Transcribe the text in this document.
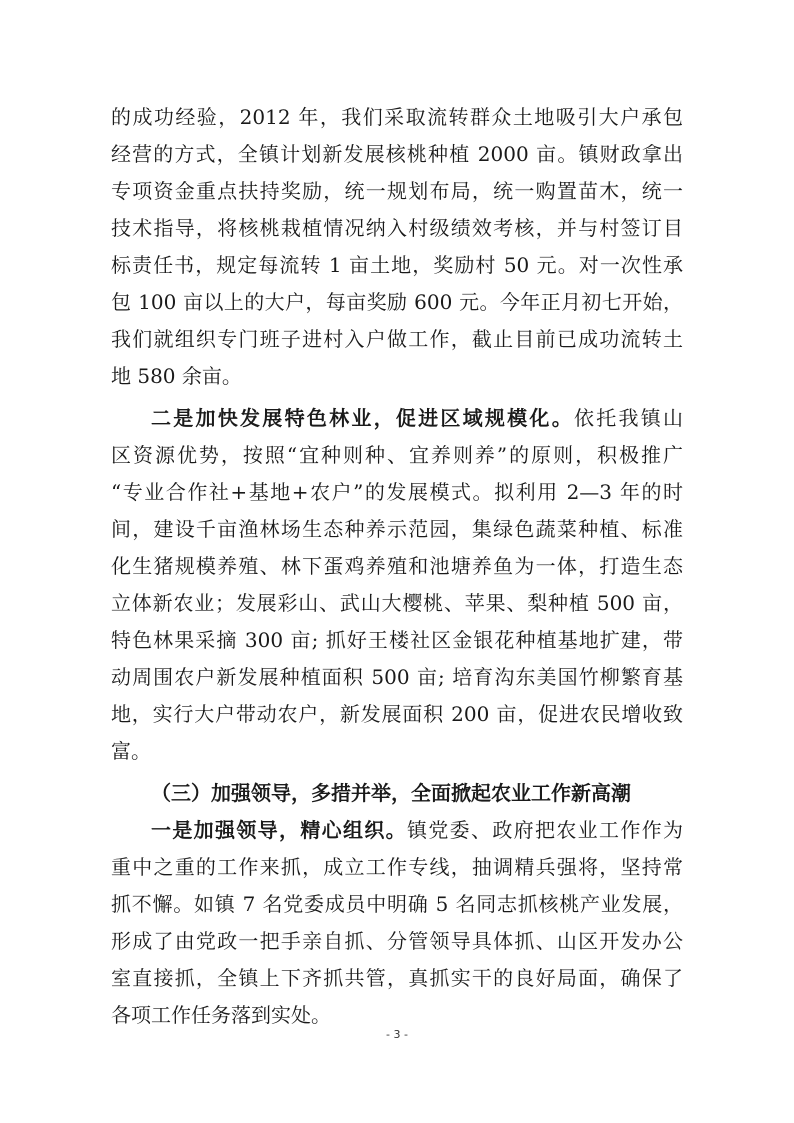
的成功经验，2012 年，我们采取流转群众土地吸引大户承包
经营的方式，全镇计划新发展核桃种植 2000 亩。镇财政拿出
专项资金重点扶持奖励，统一规划布局，统一购置苗木，统一
技术指导，将核桃栽植情况纳入村级绩效考核，并与村签订目
标责任书，规定每流转 1 亩土地，奖励村 50 元。对一次性承
包 100 亩以上的大户，每亩奖励 600 元。今年正月初七开始，
我们就组织专门班子进村入户做工作，截止目前已成功流转土
地 580 余亩。
二是加快发展特色林业，促进区域规模化。依托我镇山
区资源优势，按照“宜种则种、宜养则养”的原则，积极推广
“专业合作社+基地+农户”的发展模式。拟利用 2—3 年的时
间，建设千亩渔林场生态种养示范园，集绿色蔬菜种植、标准
化生猪规模养殖、林下蛋鸡养殖和池塘养鱼为一体，打造生态
立体新农业；发展彩山、武山大樱桃、苹果、梨种植 500 亩，
特色林果采摘 300 亩; 抓好王楼社区金银花种植基地扩建，带
动周围农户新发展种植面积 500 亩; 培育沟东美国竹柳繁育基
地，实行大户带动农户，新发展面积 200 亩，促进农民增收致
富。
（三）加强领导，多措并举，全面掀起农业工作新高潮
一是加强领导，精心组织。镇党委、政府把农业工作作为
重中之重的工作来抓，成立工作专线，抽调精兵强将，坚持常
抓不懈。如镇 7 名党委成员中明确 5 名同志抓核桃产业发展，
形成了由党政一把手亲自抓、分管领导具体抓、山区开发办公
室直接抓，全镇上下齐抓共管，真抓实干的良好局面，确保了
各项工作任务落到实处。
- 3 -
